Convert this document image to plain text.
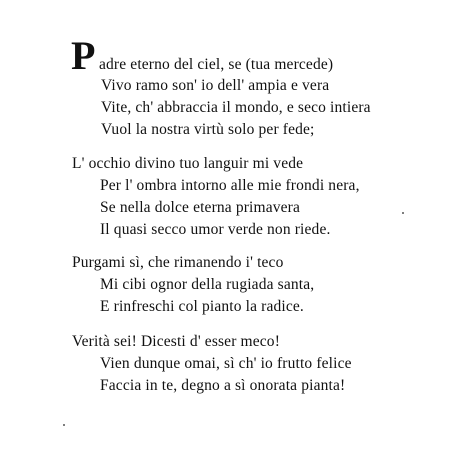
P adre eterno del ciel, se (tua mercede)
Vivo ramo son' io dell' ampia e vera
Vite, ch' abbraccia il mondo, e seco intiera
Vuol la nostra virtù solo per fede;
L' occhio divino tuo languir mi vede
Per l' ombra intorno alle mie frondi nera,
Se nella dolce eterna primavera
Il quasi secco umor verde non riede.
Purgami sì, che rimanendo i' teco
Mi cibi ognor della rugiada santa,
E rinfreschi col pianto la radice.
Verità sei! Dicesti d' esser meco!
Vien dunque omai, sì ch' io frutto felice
Faccia in te, degno a sì onorata pianta!
